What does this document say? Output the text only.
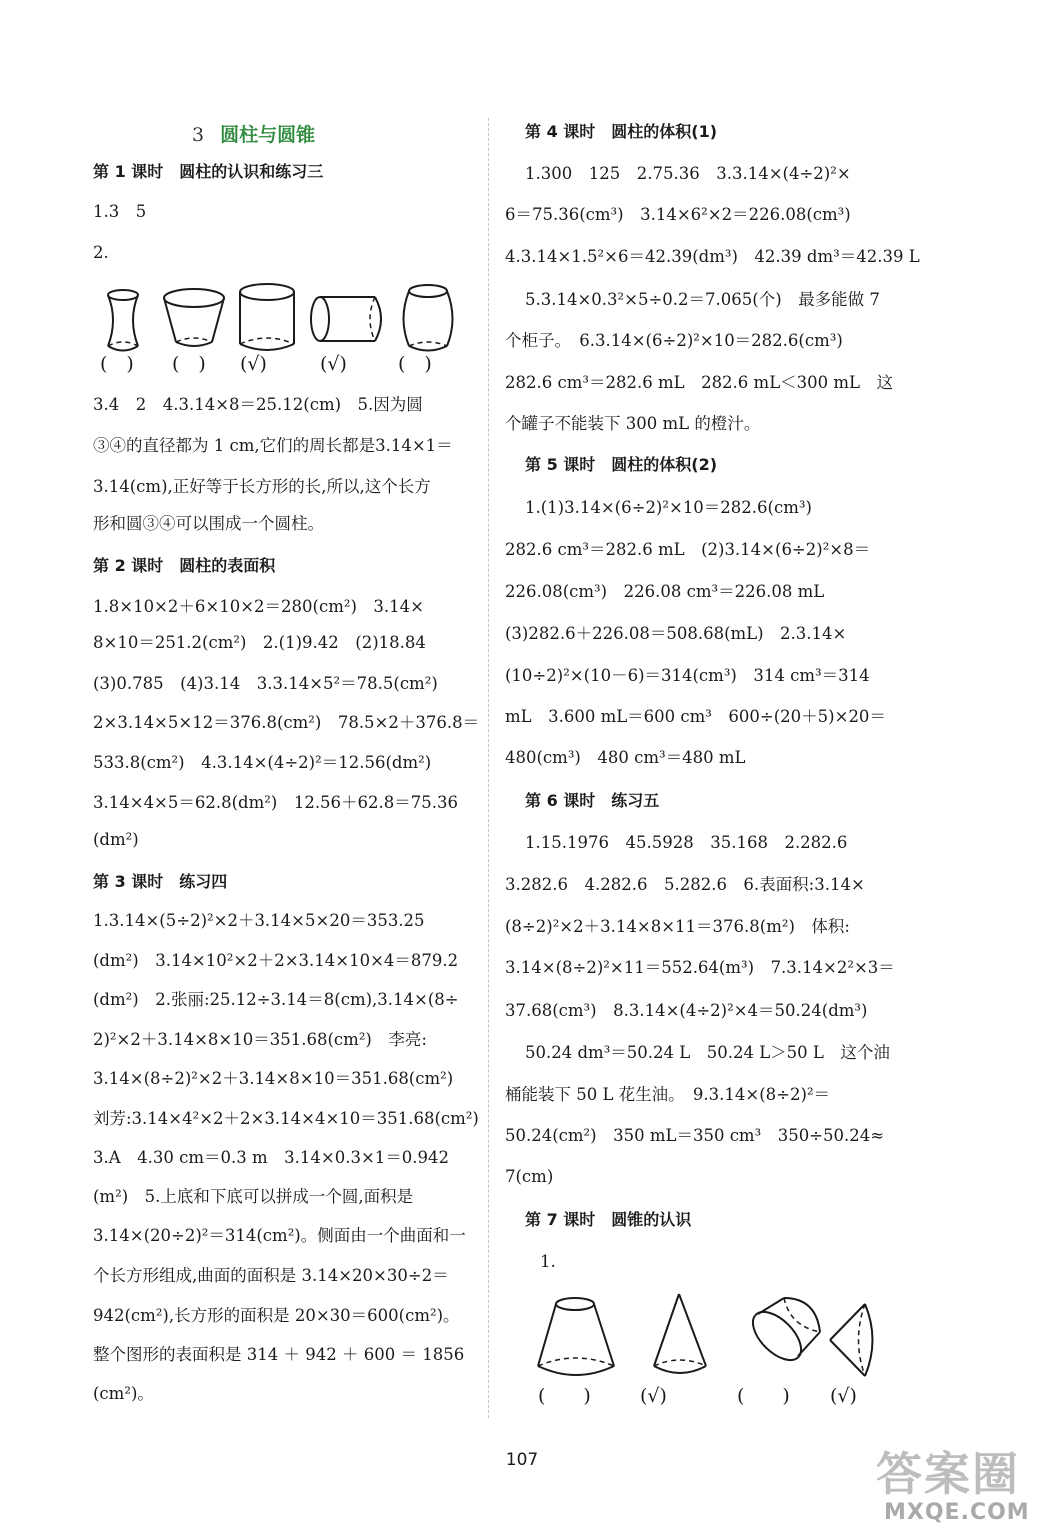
3 圆柱与圆锥
第 1 课时　圆柱的认识和练习三
1.3　5
2.
(　) (　) (√)	(√)	(　)
3.4　2　4.3.14×8＝25.12(cm)　5.因为圆
③④的直径都为 1 cm,它们的周长都是3.14×1＝
3.14(cm),正好等于长方形的长,所以,这个长方
形和圆③④可以围成一个圆柱。
第 2 课时　圆柱的表面积
1.8×10×2＋6×10×2＝280(cm²)　3.14×
8×10＝251.2(cm²)　2.(1)9.42　(2)18.84
(3)0.785　(4)3.14　3.3.14×5²＝78.5(cm²)
2×3.14×5×12＝376.8(cm²)　78.5×2＋376.8＝
533.8(cm²)　4.3.14×(4÷2)²＝12.56(dm²)
3.14×4×5＝62.8(dm²)　12.56＋62.8＝75.36
(dm²)
第 3 课时　练习四
1.3.14×(5÷2)²×2＋3.14×5×20＝353.25
(dm²)　3.14×10²×2＋2×3.14×10×4＝879.2
(dm²)　2.张丽:25.12÷3.14＝8(cm),3.14×(8÷
2)²×2＋3.14×8×10＝351.68(cm²)　李亮:
3.14×(8÷2)²×2＋3.14×8×10＝351.68(cm²)
刘芳:3.14×4²×2＋2×3.14×4×10＝351.68(cm²)
3.A　4.30 cm＝0.3 m　3.14×0.3×1＝0.942
(m²)　5.上底和下底可以拼成一个圆,面积是
3.14×(20÷2)²＝314(cm²)。侧面由一个曲面和一
个长方形组成,曲面的面积是 3.14×20×30÷2＝
942(cm²),长方形的面积是 20×30＝600(cm²)。
整个图形的表面积是 314 ＋ 942 ＋ 600 ＝ 1856
(cm²)。
第 4 课时　圆柱的体积(1)
1.300　125　2.75.36　3.3.14×(4÷2)²×
6＝75.36(cm³)　3.14×6²×2＝226.08(cm³)
4.3.14×1.5²×6＝42.39(dm³)　42.39 dm³＝42.39 L
5.3.14×0.3²×5÷0.2＝7.065(个)　最多能做 7
个柜子。　6.3.14×(6÷2)²×10＝282.6(cm³)
282.6 cm³＝282.6 mL　282.6 mL＜300 mL　这
个罐子不能装下 300 mL 的橙汁。
第 5 课时　圆柱的体积(2)
1.(1)3.14×(6÷2)²×10＝282.6(cm³)
282.6 cm³＝282.6 mL　(2)3.14×(6÷2)²×8＝
226.08(cm³)　226.08 cm³＝226.08 mL
(3)282.6＋226.08＝508.68(mL)　2.3.14×
(10÷2)²×(10－6)＝314(cm³)　314 cm³＝314
mL　3.600 mL＝600 cm³　600÷(20＋5)×20＝
480(cm³)　480 cm³＝480 mL
第 6 课时　练习五
1.15.1976　45.5928　35.168　2.282.6
3.282.6　4.282.6　5.282.6　6.表面积:3.14×
(8÷2)²×2＋3.14×8×11＝376.8(m²)　体积:
3.14×(8÷2)²×11＝552.64(m³)　7.3.14×2²×3＝
37.68(cm³)　8.3.14×(4÷2)²×4＝50.24(dm³)
50.24 dm³＝50.24 L　50.24 L＞50 L　这个油
桶能装下 50 L 花生油。　9.3.14×(8÷2)²＝
50.24(cm²)　350 mL＝350 cm³　350÷50.24≈
7(cm)
第 7 课时　圆锥的认识
1.
(　　)	(√)	(　　) (√)
107	答案圈
MXQE.COM
